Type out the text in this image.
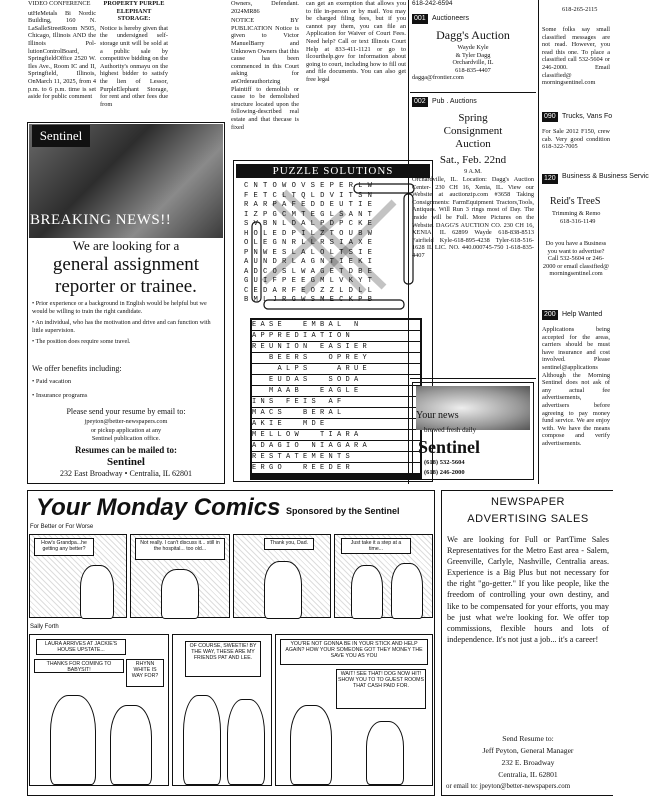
VIDEO CONFERENCE

utHeMetals Bi Nordic Building, 160 N. LaSalleStreetRoom N505, Chicago, Illinois AND the Illinois Pol- lutionControlBoard, SpringfieldOffice 2520 W. Iles Ave., Room IC and II, Springfield, Illinois, OnMarch 11, 2025, from 4 p.m. to 6 p.m. time is set aside for public comment

PROPERTY PURPLE ELEPHANT STORAGE:

Notice is hereby given that the undersigned self-storage unit will be sold at a public sale by competitive bidding on the Authority's onmayu on the highest bidder to satisfy the lien of Lessor, PurpleElephant Storage, for rent and other fees due from

Owners, Defendant. 2024MR86

NOTICE BY PUBLICATION Notice is given to Victor ManuelBarry and Unknown Owners that this cause has been commenced in this Court asking for anOrderauthorizing Plaintiff to demolish or cause to be demolished structure located upon the following-described real estate and that thecase is fixed

can get an exemption that allows you to file in-person or by mail. You may be charged filing fees, but if you cannot pay them, you can file an Application for Waiver of Court Fees. Need help? Call or text Illinois Court Help at 833-411-1121 or go to ilcourthelp.gov for information about going to court, including how to fill out and file documents. You can also get free legal

Sentinel
BREAKING NEWS!!
We are looking for a
general assignment
reporter or trainee.
• Prior experience or a background in English would be helpful but we would be willing to train the right candidate.
• An individual, who has the motivation and drive and can function with little supervision.
• The position does require some travel.
We offer benefits including:
• Paid vacation
• Insurance programs
Please send your resume by email to:
jpeyton@better-newspapers.com
or pickup application at any
Sentinel publication office.
Resumes can be mailed to:
Sentinel
232 East Broadway • Centralia, IL 62801
PUZZLE SOLUTIONS
CNTOWOVSEPERLW
FETCLTQLDVITSN
RARPAFEDDEUTIE
IZPGCMTEGLSANT
SVBNLDALPDPCKE
HOLEDPILZTOUBW
OLEGNRLLRSIAXE
PNWESLALOLTSIE
AUNDRLAGNTIEKI
ADCOSLWAGETDBE
GUIFPEEGMLVKYT
CEDARFEOZZLDLL
BMLJRGWSMECKPB
EASE  EMBAL N
APPREDIATION
REUNION EASIER
BEERS  OPREY
ALPS   ARUE
EUDAS  SODA
MAAB  EAGLE
INS FEIS AF
MACS  BERAL
AKIE  MDE
MELLOW  TIARA
ADAGIO NIAGARA
RESTATEMENTS
ERGO  REEDER
618-242-6594
001 Auctioneers
Dagg's Auction
Wayde Kyle
& Tyler Dagg
Orchardville, IL
618-835-4407
dagga@frontier.com
002 Pub . Auctions
Spring
Consignment
Auction
Sat., Feb. 22nd
9 A.M.
Orchardville, IL. Location: Dagg's Auction Center- 230 CH 16, Xenia, IL. View our Website at auctionzip.com #3658 Taking Consignments: FarmEquipment Tractors,Tools, Antiques. Will Run 3 rings most of Day. The inside will be Full. More Pictures on the Website. DAGG'S AUCTION CO. 230 CH 16, XENIA, IL 62899 Wayde 618-838-8513 Fairfield Kyle-618-895-4238 Tyler-618-516-1628 IL LIC. NO. 440.000745-750 1-618-835-4407
Your news
brewed fresh daily
Sentinel
(618) 532-5604
(618) 246-2000
618-265-2115
Some folks say small classified messages are not read. However, you read this one. To place a classified call 532-5604 or 246-2000. Email classified@ morningsentinel.com
090 Trucks, Vans Fo
For Sale 2012 F150, crew cab. Very good condition 618-322-7005
120 Business & Business Servic
Reid's TreeS
Trimming & Remo
618-316-1149
Do you have a Business you want to advertise? Call 532-5604 or 246-2000 or email classified@ morningsentinel.com
200 Help Wanted
Applications being accepted for the areas, carriers should be must have insurance and cost involved. Please sentinel@applications Although the Morning Sentinel does not ask of any actual fee advertisements, advertisers before agreeing to pay money fund service. We are enjoy with. We have the means compose and verify advertisements.
Your Monday Comics Sponsored by the Sentinel
For Better or For Worse
How's Grandpa...he getting any better?
Not really. I can't discuss it... still in the hospital... too old...
Thank you, Dad.	Just take it a step at a time...
Sally Forth
LAURA ARRIVES AT JACKIE'S HOUSE UPSTATE...
THANKS FOR COMING TO BABYSIT!
RHYNN WHITE IS WAY FOR?
OF COURSE, SWEETIE! BY THE WAY, THESE ARE MY FRIENDS PAT AND LEE.
YOU'RE NOT GONNA BE IN YOUR STICK AND HELP AGAIN? HOW YOUR SOMEONE GOT THEY MONEY THE SAVE YOU AS YOU
WAIT! SEE THAT! DOG NOW HIT! SHOW YOU TO TO GUEST ROOMS THAT CASH PAID FOR.
NEWSPAPER
ADVERTISING SALES
We are looking for Full or PartTime Sales Representatives for the Metro East area - Salem, Greenville, Carlyle, Nashville, Centralia areas. Experience is a Big Plus but not necessary for the right "go-getter." If you like people, like the freedom of controlling your own destiny, and like to be compensated for your efforts, you may be just what we're looking for. We offer top commissions, flexible hours and lots of independence. It's not just a job... it's a career!
Send Resume to:
Jeff Peyton, General Manager
232 E. Broadway
Centralia, IL 62801
or email to: jpeyton@better-newspapers.com
